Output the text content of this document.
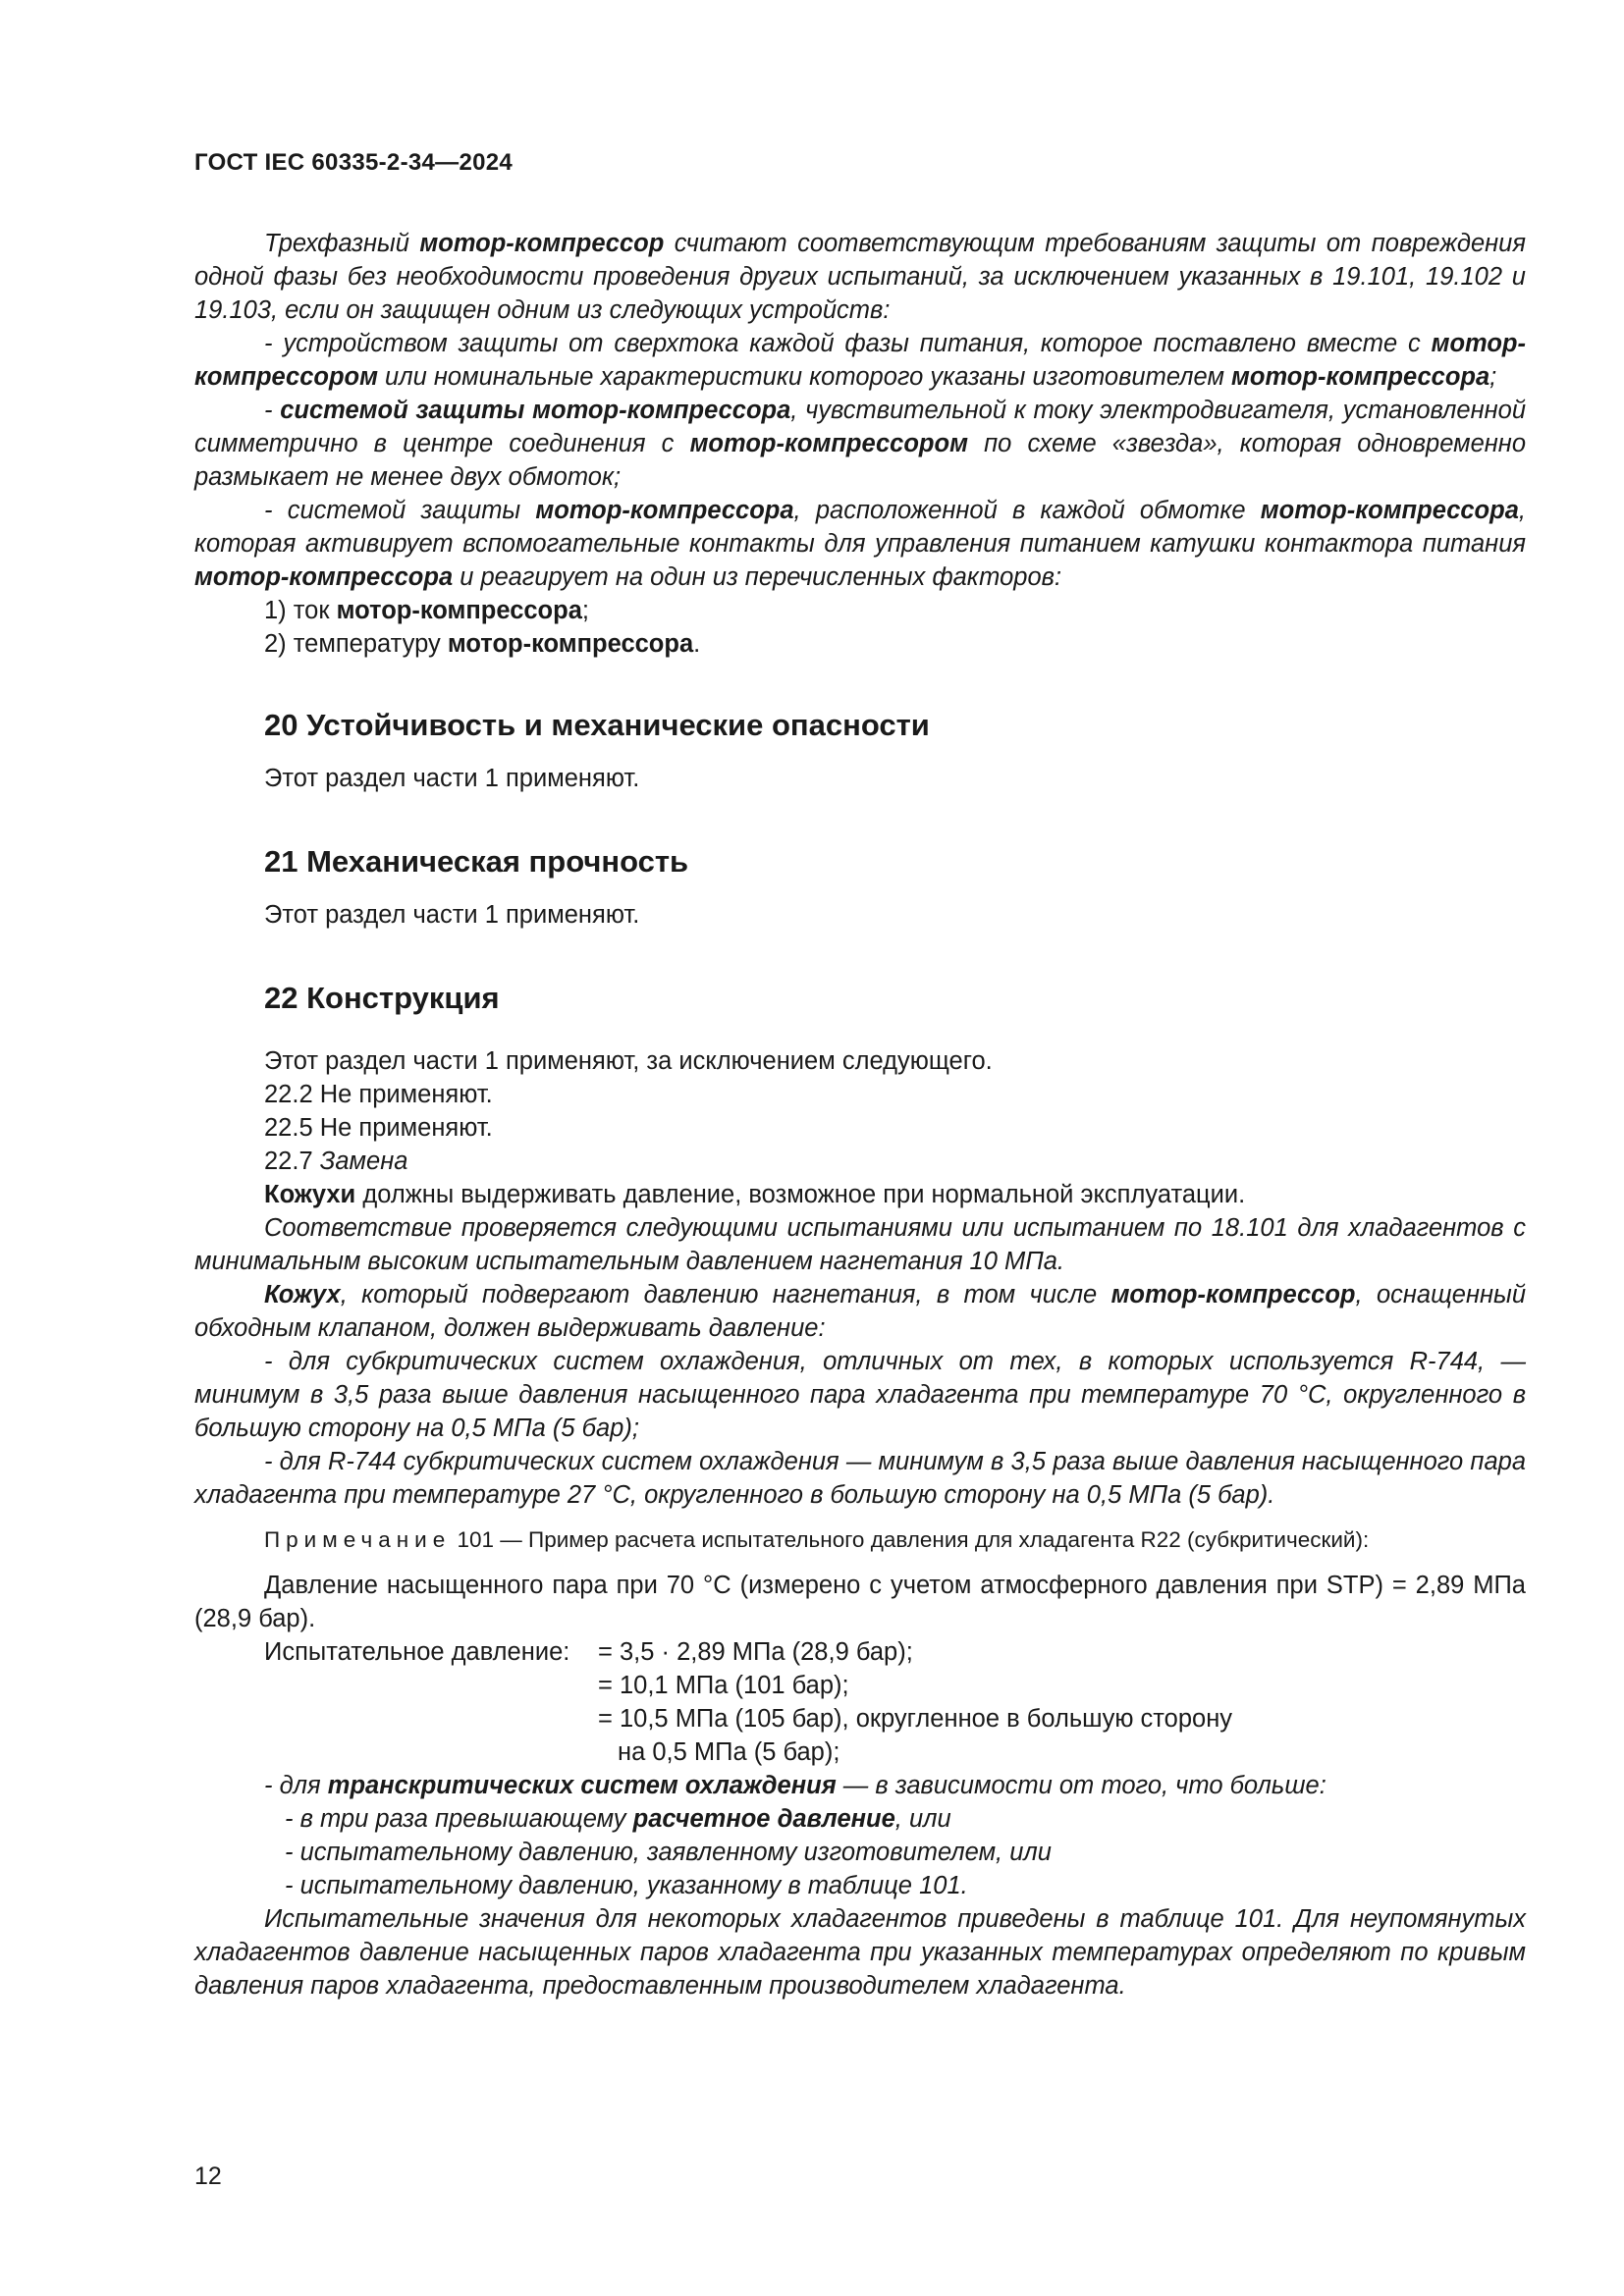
ГОСТ IEC 60335-2-34—2024

Трехфазный мотор-компрессор считают соответствующим требованиям защиты от повреждения одной фазы без необходимости проведения других испытаний, за исключением указанных в 19.101, 19.102 и 19.103, если он защищен одним из следующих устройств:

- устройством защиты от сверхтока каждой фазы питания, которое поставлено вместе с мотор-компрессором или номинальные характеристики которого указаны изготовителем мотор-компрессора;

- системой защиты мотор-компрессора, чувствительной к току электродвигателя, установленной симметрично в центре соединения с мотор-компрессором по схеме «звезда», которая одновременно размыкает не менее двух обмоток;

- системой защиты мотор-компрессора, расположенной в каждой обмотке мотор-компрессора, которая активирует вспомогательные контакты для управления питанием катушки контактора питания мотор-компрессора и реагирует на один из перечисленных факторов:

1) ток мотор-компрессора;

2) температуру мотор-компрессора.

20 Устойчивость и механические опасности

Этот раздел части 1 применяют.

21 Механическая прочность

Этот раздел части 1 применяют.

22 Конструкция

Этот раздел части 1 применяют, за исключением следующего.

22.2 Не применяют.

22.5 Не применяют.

22.7 Замена

Кожухи должны выдерживать давление, возможное при нормальной эксплуатации.

Соответствие проверяется следующими испытаниями или испытанием по 18.101 для хладагентов с минимальным высоким испытательным давлением нагнетания 10 МПа.

Кожух, который подвергают давлению нагнетания, в том числе мотор-компрессор, оснащенный обходным клапаном, должен выдерживать давление:

- для субкритических систем охлаждения, отличных от тех, в которых используется R-744, — минимум в 3,5 раза выше давления насыщенного пара хладагента при температуре 70 °С, округленного в большую сторону на 0,5 МПа (5 бар);

- для R-744 субкритических систем охлаждения — минимум в 3,5 раза выше давления насыщенного пара хладагента при температуре 27 °С, округленного в большую сторону на 0,5 МПа (5 бар).

Примечание 101 — Пример расчета испытательного давления для хладагента R22 (субкритический):

Давление насыщенного пара при 70 °С (измерено с учетом атмосферного давления при STP) = 2,89 МПа (28,9 бар).

Испытательное давление:	= 3,5 · 2,89 МПа (28,9 бар);
= 10,1 МПа (101 бар);
= 10,5 МПа (105 бар), округленное в большую сторону
на 0,5 МПа (5 бар);

- для транскритических систем охлаждения — в зависимости от того, что больше:

- в три раза превышающему расчетное давление, или

- испытательному давлению, заявленному изготовителем, или

- испытательному давлению, указанному в таблице 101.

Испытательные значения для некоторых хладагентов приведены в таблице 101. Для неупомянутых хладагентов давление насыщенных паров хладагента при указанных температурах определяют по кривым давления паров хладагента, предоставленным производителем хладагента.

12
